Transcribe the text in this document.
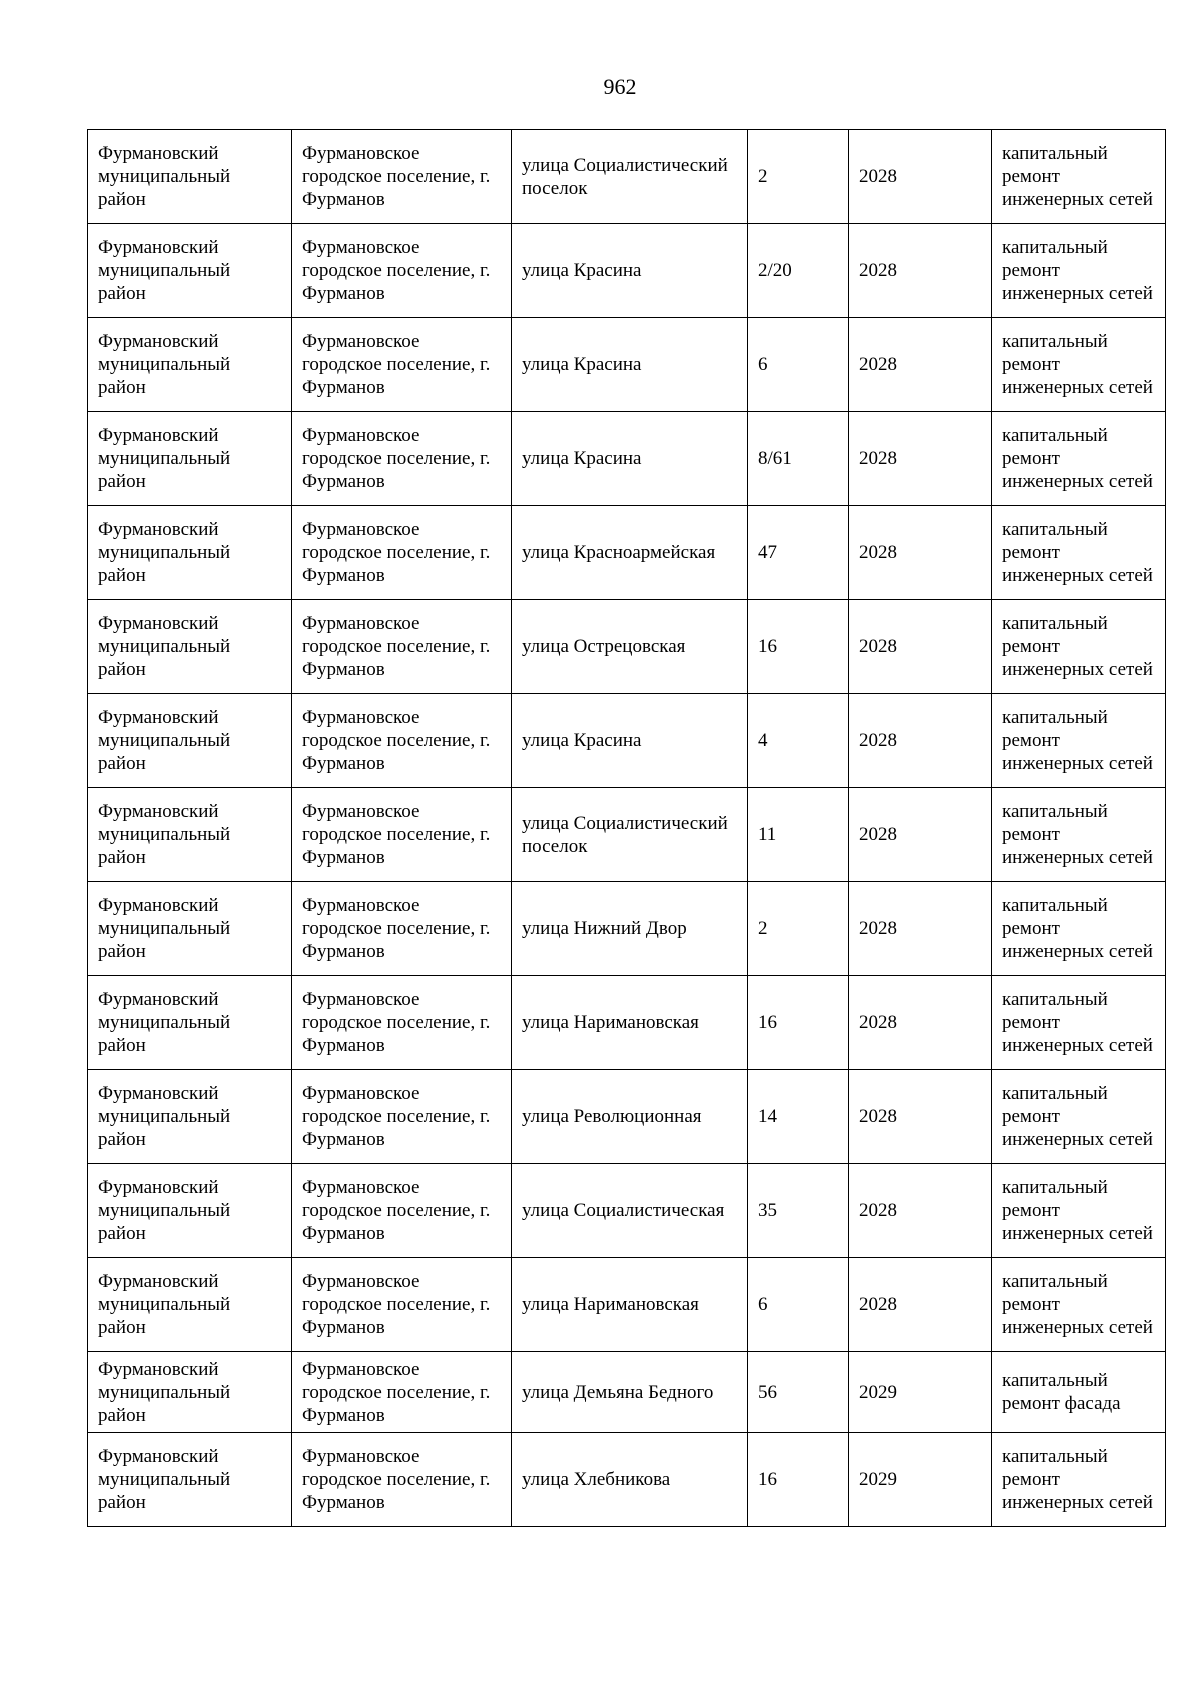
962
Фурмановский муниципальный район	Фурмановское городское поселение, г. Фурманов	улица Социалистический поселок	2	2028	капитальный ремонт инженерных сетей
Фурмановский муниципальный район	Фурмановское городское поселение, г. Фурманов	улица Красина	2/20	2028	капитальный ремонт инженерных сетей
Фурмановский муниципальный район	Фурмановское городское поселение, г. Фурманов	улица Красина	6	2028	капитальный ремонт инженерных сетей
Фурмановский муниципальный район	Фурмановское городское поселение, г. Фурманов	улица Красина	8/61	2028	капитальный ремонт инженерных сетей
Фурмановский муниципальный район	Фурмановское городское поселение, г. Фурманов	улица Красноармейская	47	2028	капитальный ремонт инженерных сетей
Фурмановский муниципальный район	Фурмановское городское поселение, г. Фурманов	улица Острецовская	16	2028	капитальный ремонт инженерных сетей
Фурмановский муниципальный район	Фурмановское городское поселение, г. Фурманов	улица Красина	4	2028	капитальный ремонт инженерных сетей
Фурмановский муниципальный район	Фурмановское городское поселение, г. Фурманов	улица Социалистический поселок	11	2028	капитальный ремонт инженерных сетей
Фурмановский муниципальный район	Фурмановское городское поселение, г. Фурманов	улица Нижний Двор	2	2028	капитальный ремонт инженерных сетей
Фурмановский муниципальный район	Фурмановское городское поселение, г. Фурманов	улица Наримановская	16	2028	капитальный ремонт инженерных сетей
Фурмановский муниципальный район	Фурмановское городское поселение, г. Фурманов	улица Революционная	14	2028	капитальный ремонт инженерных сетей
Фурмановский муниципальный район	Фурмановское городское поселение, г. Фурманов	улица Социалистическая	35	2028	капитальный ремонт инженерных сетей
Фурмановский муниципальный район	Фурмановское городское поселение, г. Фурманов	улица Наримановская	6	2028	капитальный ремонт инженерных сетей
Фурмановский муниципальный район	Фурмановское городское поселение, г. Фурманов	улица Демьяна Бедного	56	2029	капитальный ремонт фасада
Фурмановский муниципальный район	Фурмановское городское поселение, г. Фурманов	улица Хлебникова	16	2029	капитальный ремонт инженерных сетей
